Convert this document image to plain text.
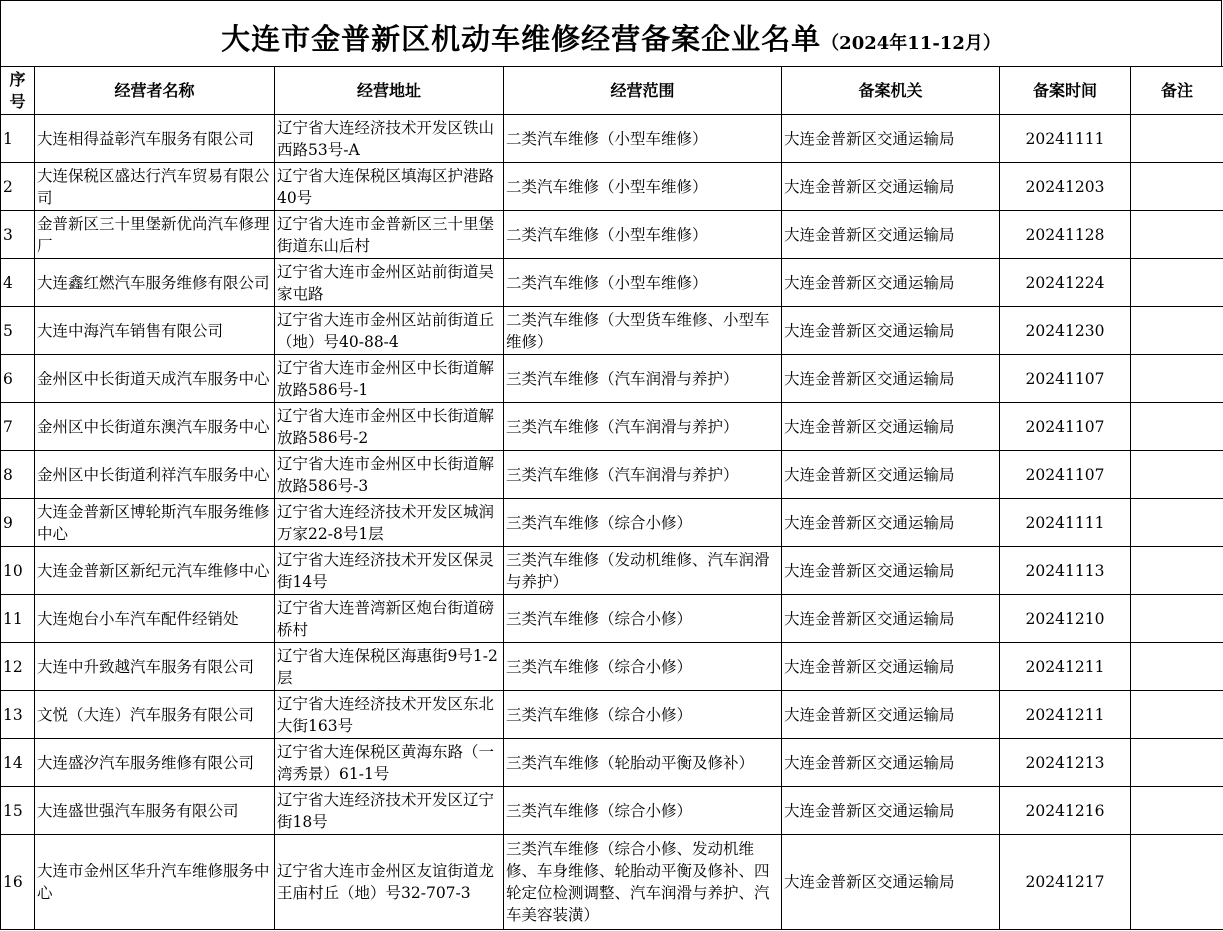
大连市金普新区机动车维修经营备案企业名单（2024年11-12月）
序号	经营者名称	经营地址	经营范围	备案机关	备案时间	备注
1	大连相得益彰汽车服务有限公司	辽宁省大连经济技术开发区铁山西路53号-A	二类汽车维修（小型车维修）	大连金普新区交通运输局	20241111	
2	大连保税区盛达行汽车贸易有限公司	辽宁省大连保税区填海区护港路40号	二类汽车维修（小型车维修）	大连金普新区交通运输局	20241203	
3	金普新区三十里堡新优尚汽车修理厂	辽宁省大连市金普新区三十里堡街道东山后村	二类汽车维修（小型车维修）	大连金普新区交通运输局	20241128	
4	大连鑫红燃汽车服务维修有限公司	辽宁省大连市金州区站前街道吴家屯路	二类汽车维修（小型车维修）	大连金普新区交通运输局	20241224	
5	大连中海汽车销售有限公司	辽宁省大连市金州区站前街道丘（地）号40-88-4	二类汽车维修（大型货车维修、小型车维修）	大连金普新区交通运输局	20241230	
6	金州区中长街道天成汽车服务中心	辽宁省大连市金州区中长街道解放路586号-1	三类汽车维修（汽车润滑与养护）	大连金普新区交通运输局	20241107	
7	金州区中长街道东澳汽车服务中心	辽宁省大连市金州区中长街道解放路586号-2	三类汽车维修（汽车润滑与养护）	大连金普新区交通运输局	20241107	
8	金州区中长街道利祥汽车服务中心	辽宁省大连市金州区中长街道解放路586号-3	三类汽车维修（汽车润滑与养护）	大连金普新区交通运输局	20241107	
9	大连金普新区博轮斯汽车服务维修中心	辽宁省大连经济技术开发区城润万家22-8号1层	三类汽车维修（综合小修）	大连金普新区交通运输局	20241111	
10	大连金普新区新纪元汽车维修中心	辽宁省大连经济技术开发区保灵街14号	三类汽车维修（发动机维修、汽车润滑与养护）	大连金普新区交通运输局	20241113	
11	大连炮台小车汽车配件经销处	辽宁省大连普湾新区炮台街道磅桥村	三类汽车维修（综合小修）	大连金普新区交通运输局	20241210	
12	大连中升致越汽车服务有限公司	辽宁省大连保税区海惠街9号1-2层	三类汽车维修（综合小修）	大连金普新区交通运输局	20241211	
13	文悦（大连）汽车服务有限公司	辽宁省大连经济技术开发区东北大街163号	三类汽车维修（综合小修）	大连金普新区交通运输局	20241211	
14	大连盛汐汽车服务维修有限公司	辽宁省大连保税区黄海东路（一湾秀景）61-1号	三类汽车维修（轮胎动平衡及修补）	大连金普新区交通运输局	20241213	
15	大连盛世强汽车服务有限公司	辽宁省大连经济技术开发区辽宁街18号	三类汽车维修（综合小修）	大连金普新区交通运输局	20241216	
16	大连市金州区华升汽车维修服务中心	辽宁省大连市金州区友谊街道龙王庙村丘（地）号32-707-3	三类汽车维修（综合小修、发动机维修、车身维修、轮胎动平衡及修补、四轮定位检测调整、汽车润滑与养护、汽车美容装潢）	大连金普新区交通运输局	20241217	
